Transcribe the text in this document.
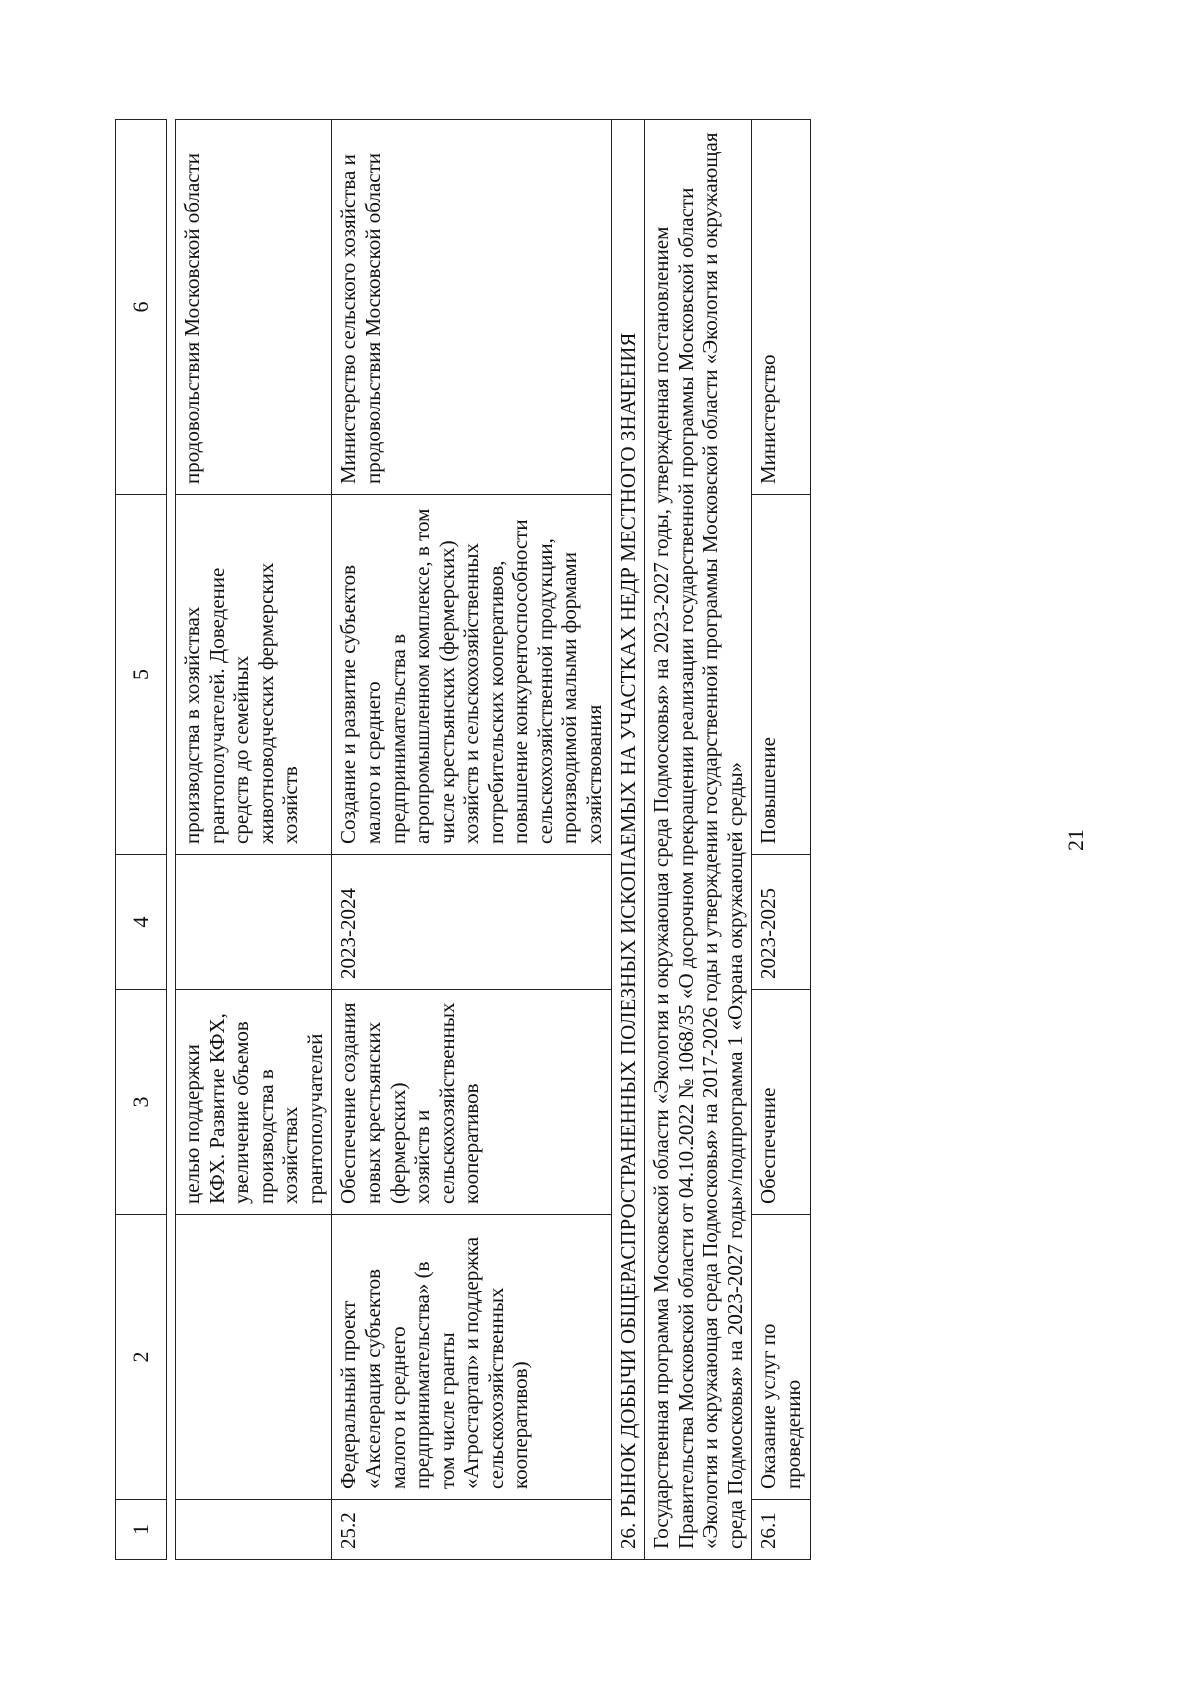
1	2	3	4	5	6

		целью поддержки КФХ. Развитие КФХ, увеличение объемов производства в хозяйствах грантополучателей		производства в хозяйствах грантополучателей. Доведение средств до семейных животноводческих фермерских хозяйств	продовольствия Московской области
25.2	Федеральный проект «Акселерация субъектов малого и среднего предпринимательства» (в том числе гранты «Агростартап» и поддержка сельскохозяйственных кооперативов)	Обеспечение создания новых крестьянских (фермерских) хозяйств и сельскохозяйственных кооперативов	2023-2024	Создание и развитие субъектов малого и среднего предпринимательства в агропромышленном комплексе, в том числе крестьянских (фермерских) хозяйств и сельскохозяйственных потребительских кооперативов, повышение конкурентоспособности сельскохозяйственной продукции, производимой малыми формами хозяйствования	Министерство сельского хозяйства и продовольствия Московской области
26. РЫНОК ДОБЫЧИ ОБЩЕРАСПРОСТРАНЕННЫХ ПОЛЕЗНЫХ ИСКОПАЕМЫХ НА УЧАСТКАХ НЕДР МЕСТНОГО ЗНАЧЕНИЯ					
Государственная программа Московской области «Экология и окружающая среда Подмосковья» на 2023-2027 годы, утвержденная постановлением Правительства Московской области от 04.10.2022 № 1068/35 «О досрочном прекращении реализации государственной программы Московской области «Экология и окружающая среда Подмосковья» на 2017-2026 годы и утверждении государственной программы Московской области «Экология и окружающая среда Подмосковья» на 2023-2027 годы»/подпрограмма 1 «Охрана окружающей среды»					
26.1	Оказание услуг по проведению	Обеспечение	2023-2025	Повышение	Министерство
21
